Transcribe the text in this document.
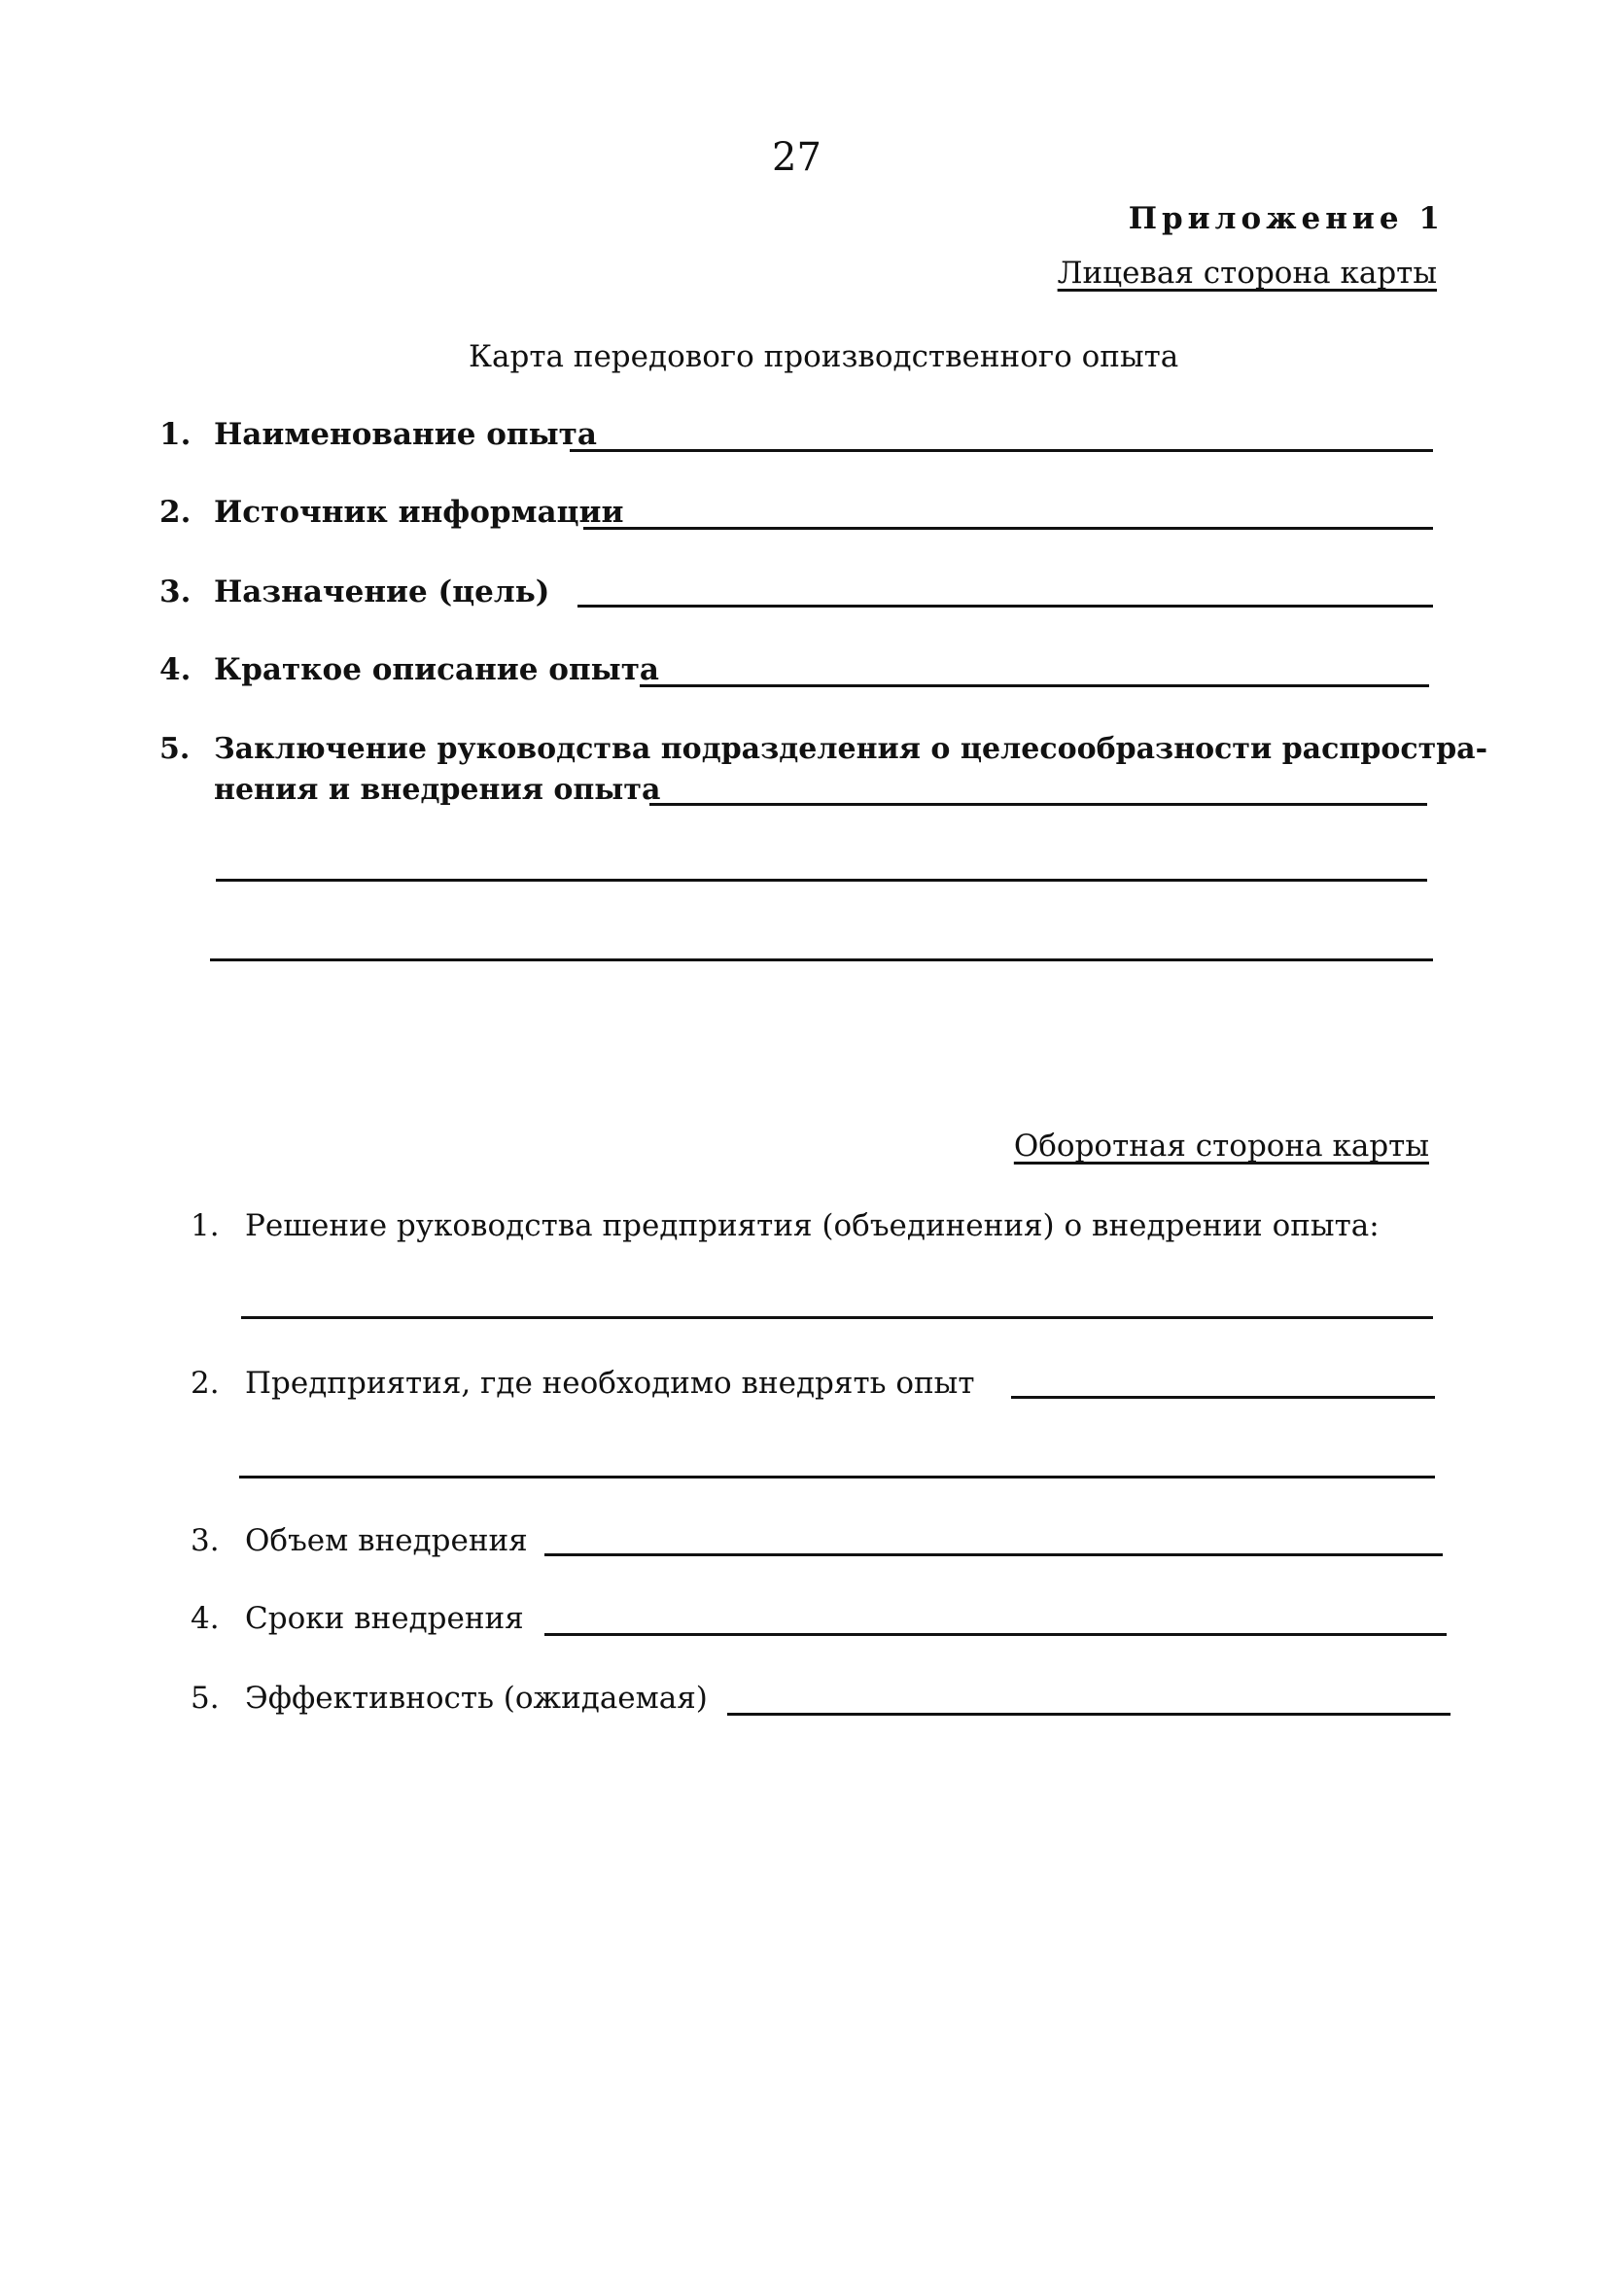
27
Приложение 1
Лицевая сторона карты
Карта передового производственного опыта
1. Наименование опыта
2. Источник информации
3. Назначение (цель)
4. Краткое описание опыта
5. Заключение руководства подразделения о целесообразности распростра-
нения и внедрения опыта
Оборотная сторона карты
1. Решение руководства предприятия (объединения) о внедрении опыта:
2. Предприятия, где необходимо внедрять опыт
3. Объем внедрения
4. Сроки внедрения
5. Эффективность (ожидаемая)
